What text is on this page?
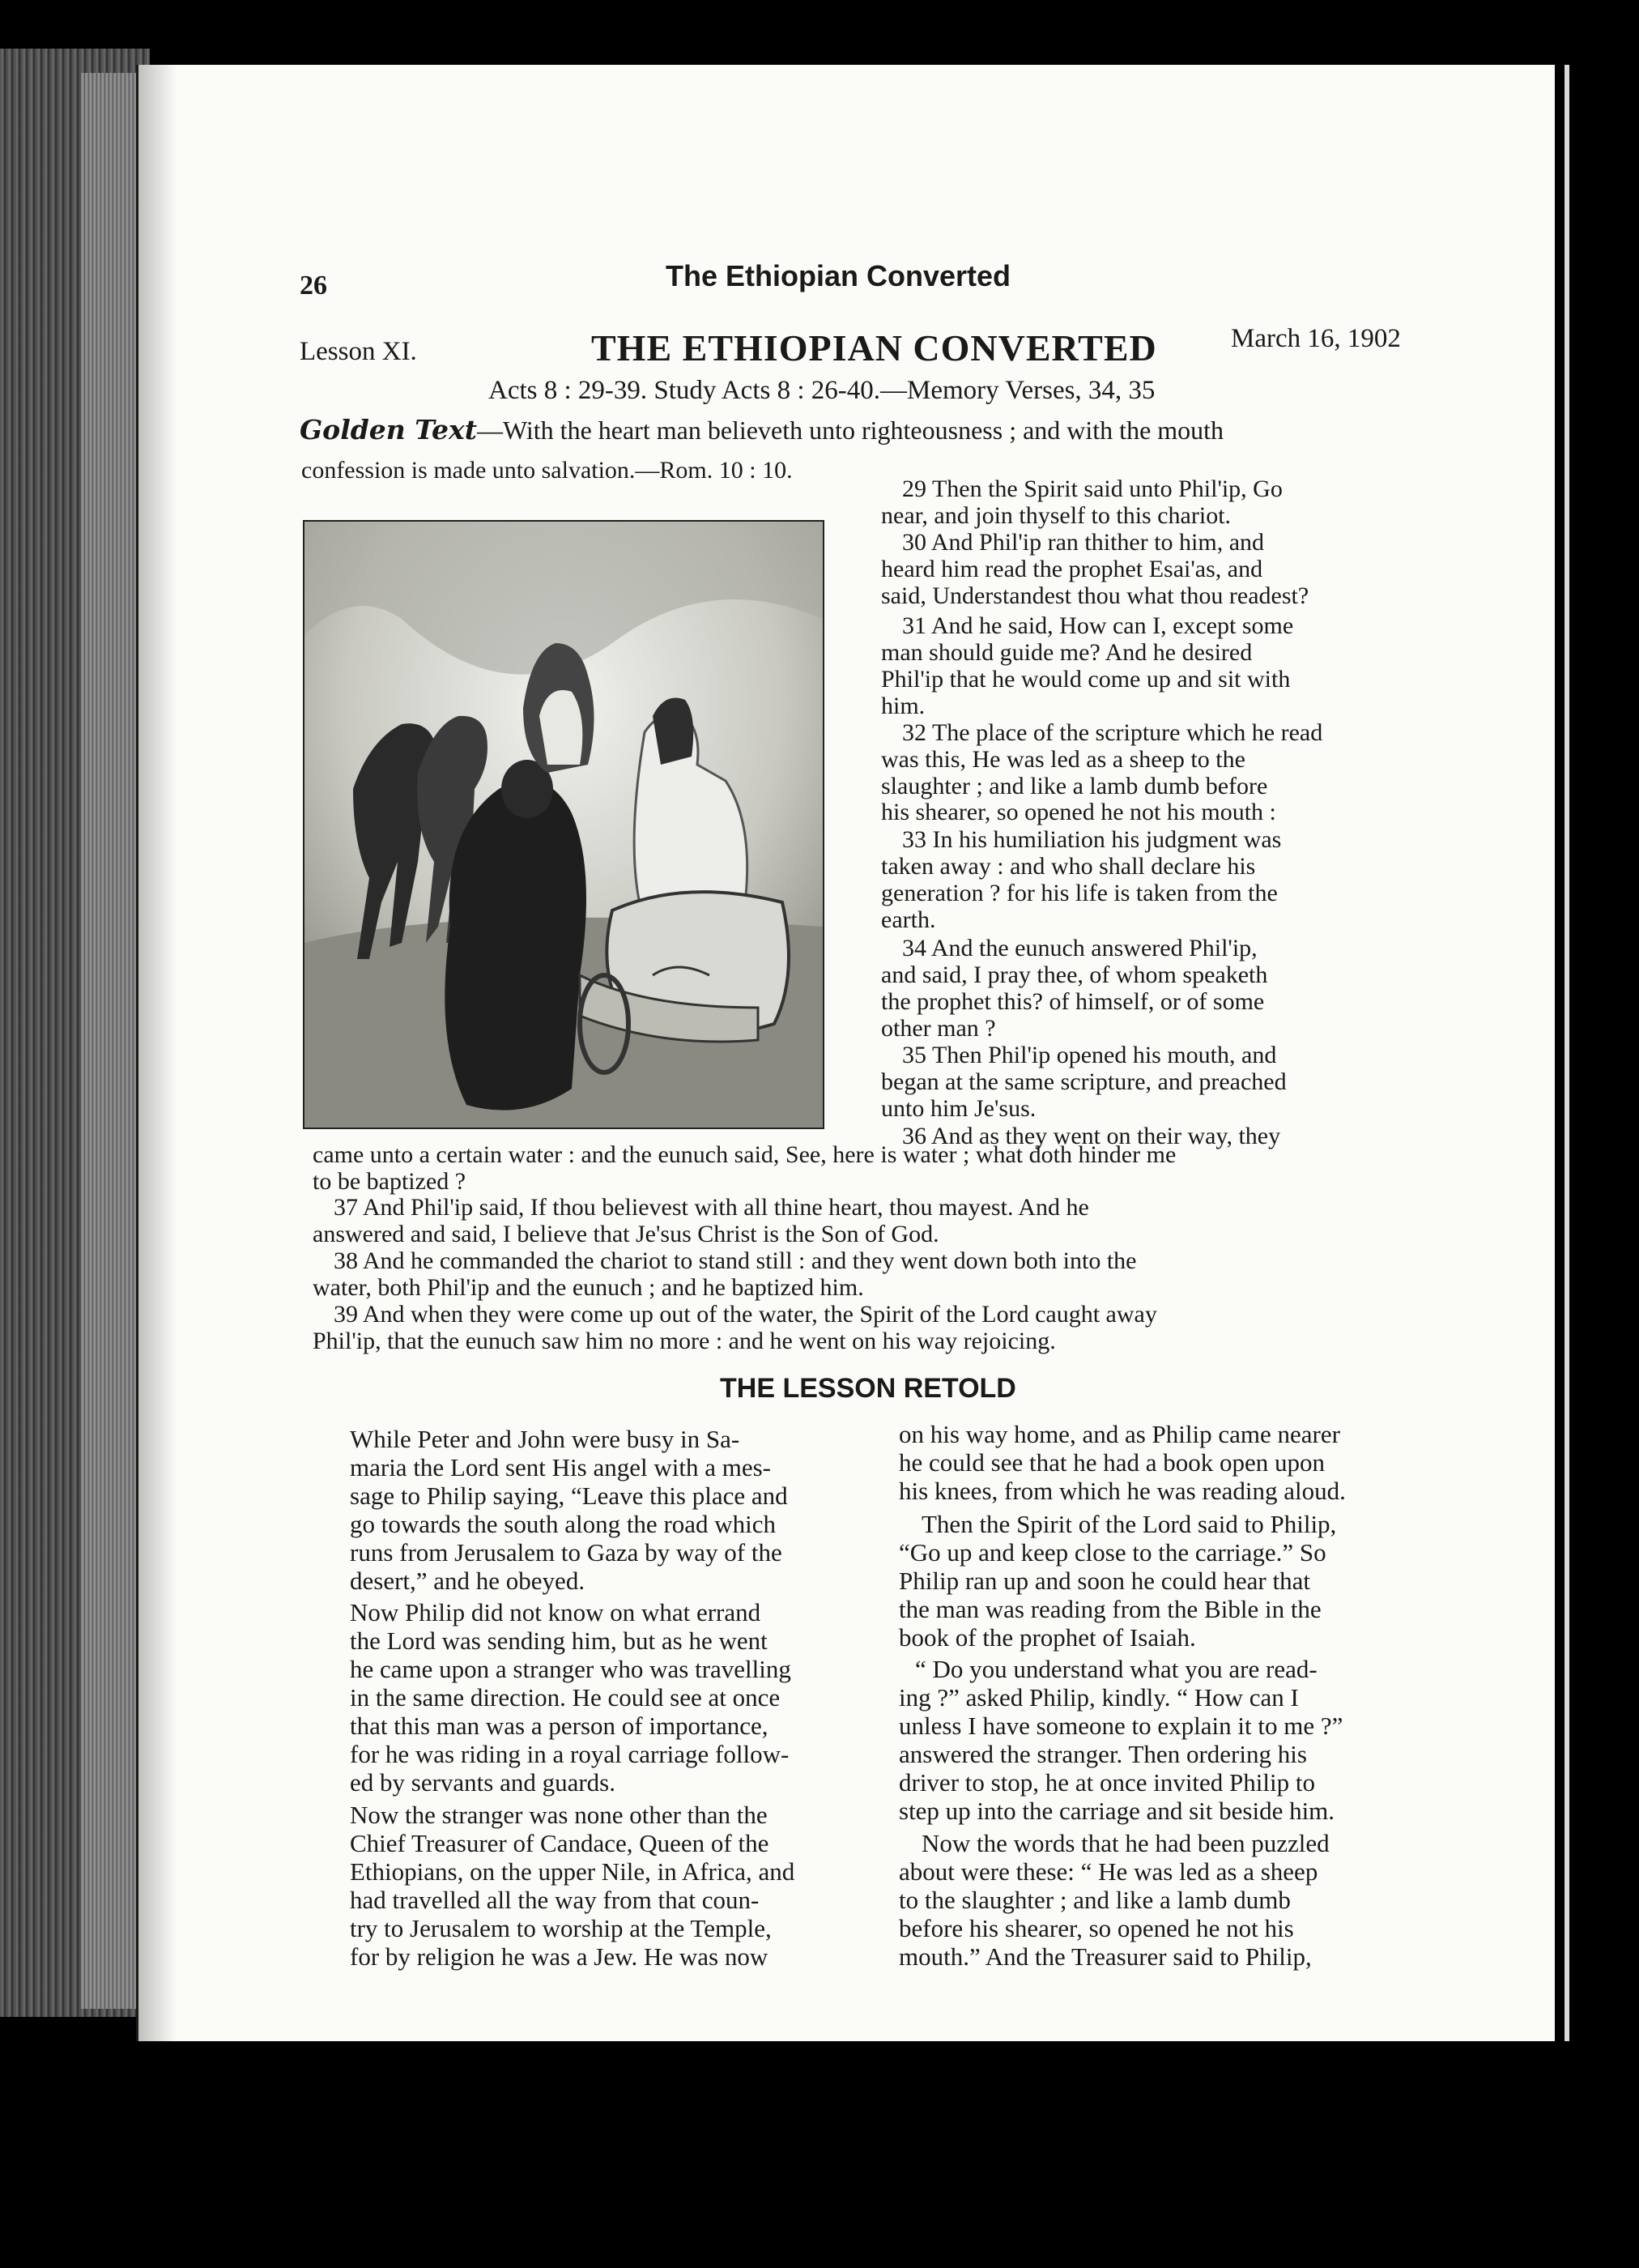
26	The Ethiopian Converted
Lesson XI.	THE ETHIOPIAN CONVERTED	March 16, 1902
Acts 8 : 29-39. Study Acts 8 : 26-40.—Memory Verses, 34, 35
Golden Text—With the heart man believeth unto righteousness ; and with the mouth
confession is made unto salvation.—Rom. 10 : 10.
29 Then the Spirit said unto Phil'ip, Go
near, and join thyself to this chariot.
30 And Phil'ip ran thither to him, and
heard him read the prophet Esai'as, and
said, Understandest thou what thou readest?
31 And he said, How can I, except some
man should guide me? And he desired
Phil'ip that he would come up and sit with
him.
32 The place of the scripture which he read
was this, He was led as a sheep to the
slaughter ; and like a lamb dumb before
his shearer, so opened he not his mouth :
33 In his humiliation his judgment was
taken away : and who shall declare his
generation ? for his life is taken from the
earth.
34 And the eunuch answered Phil'ip,
and said, I pray thee, of whom speaketh
the prophet this? of himself, or of some
other man ?
35 Then Phil'ip opened his mouth, and
began at the same scripture, and preached
unto him Je'sus.
36 And as they went on their way, they
came unto a certain water : and the eunuch said, See, here is water ; what doth hinder me
to be baptized ?
37 And Phil'ip said, If thou believest with all thine heart, thou mayest. And he
answered and said, I believe that Je'sus Christ is the Son of God.
38 And he commanded the chariot to stand still : and they went down both into the
water, both Phil'ip and the eunuch ; and he baptized him.
39 And when they were come up out of the water, the Spirit of the Lord caught away
Phil'ip, that the eunuch saw him no more : and he went on his way rejoicing.
THE LESSON RETOLD
While Peter and John were busy in Sa-
maria the Lord sent His angel with a mes-
sage to Philip saying, “Leave this place and
go towards the south along the road which
runs from Jerusalem to Gaza by way of the
desert,” and he obeyed.
Now Philip did not know on what errand
the Lord was sending him, but as he went
he came upon a stranger who was travelling
in the same direction. He could see at once
that this man was a person of importance,
for he was riding in a royal carriage follow-
ed by servants and guards.
Now the stranger was none other than the
Chief Treasurer of Candace, Queen of the
Ethiopians, on the upper Nile, in Africa, and
had travelled all the way from that coun-
try to Jerusalem to worship at the Temple,
for by religion he was a Jew. He was now
on his way home, and as Philip came nearer
he could see that he had a book open upon
his knees, from which he was reading aloud.
Then the Spirit of the Lord said to Philip,
“Go up and keep close to the carriage.” So
Philip ran up and soon he could hear that
the man was reading from the Bible in the
book of the prophet of Isaiah.
“ Do you understand what you are read-
ing ?” asked Philip, kindly. “ How can I
unless I have someone to explain it to me ?”
answered the stranger. Then ordering his
driver to stop, he at once invited Philip to
step up into the carriage and sit beside him.
Now the words that he had been puzzled
about were these: “ He was led as a sheep
to the slaughter ; and like a lamb dumb
before his shearer, so opened he not his
mouth.” And the Treasurer said to Philip,
